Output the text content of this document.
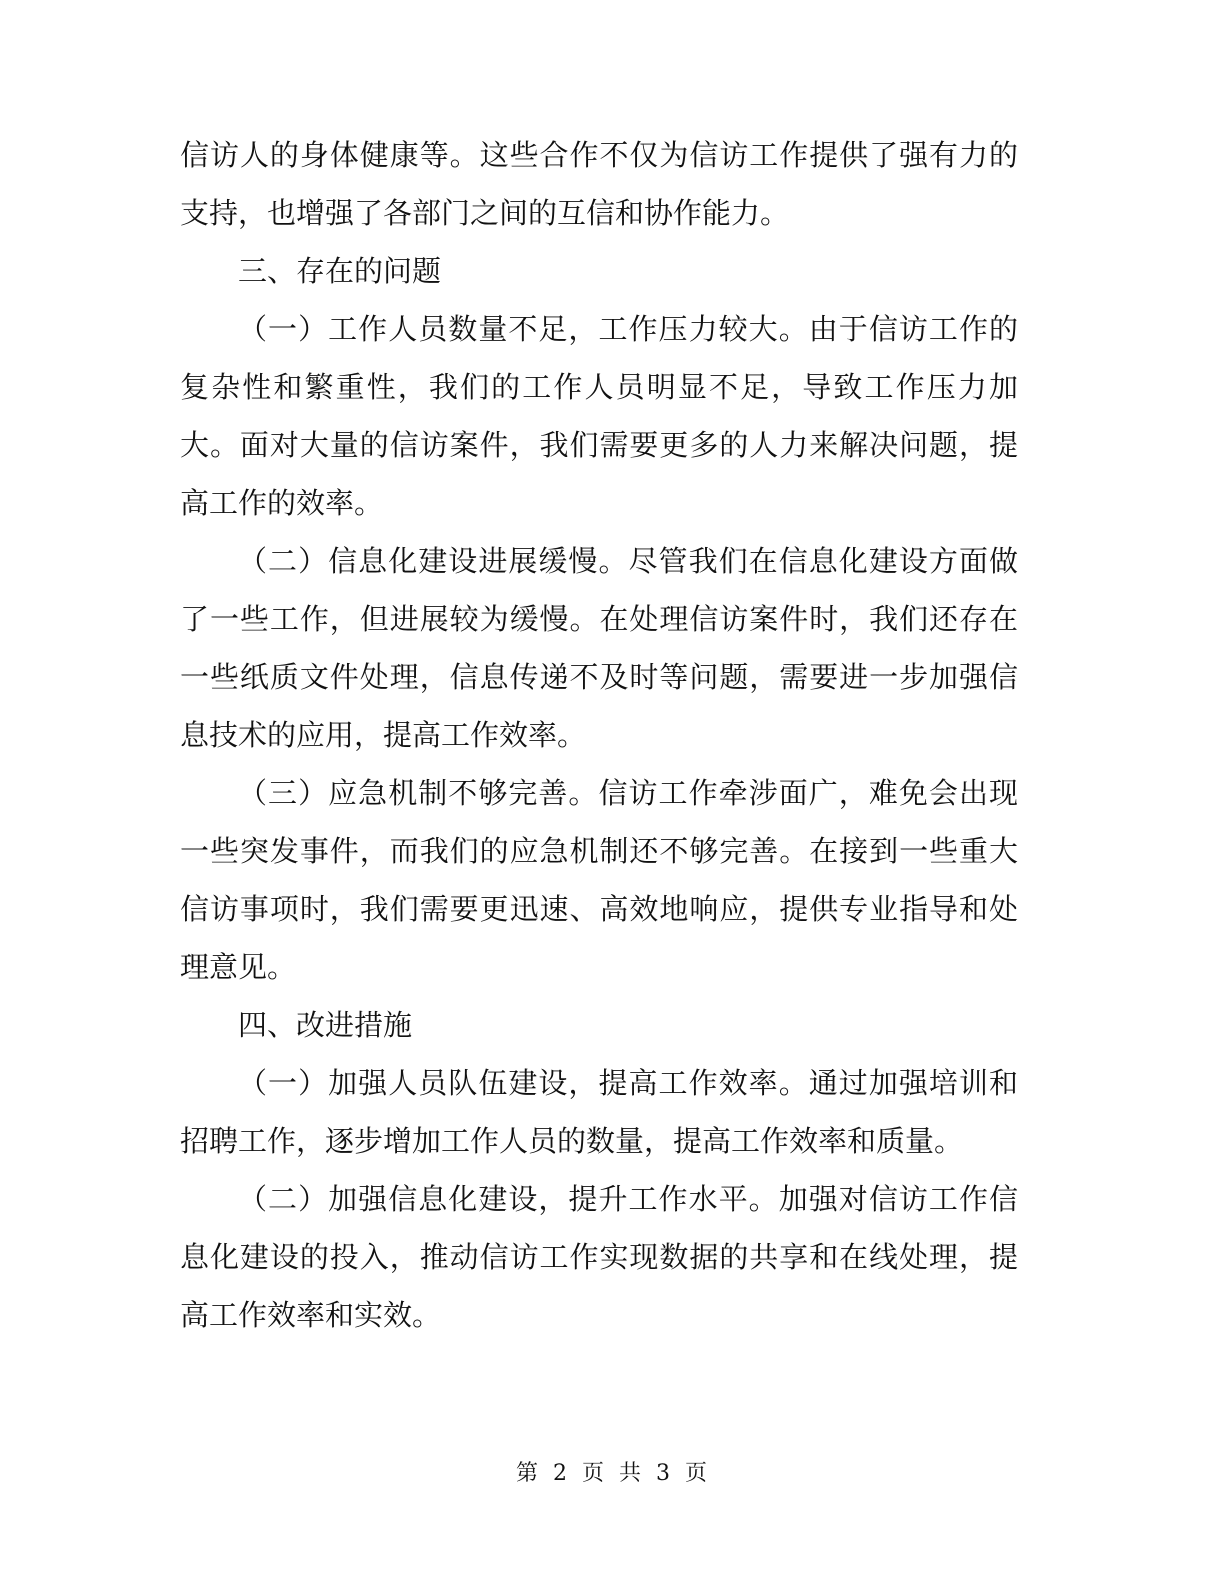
信访人的身体健康等。这些合作不仅为信访工作提供了强有力的支持，也增强了各部门之间的互信和协作能力。

三、存在的问题

（一）工作人员数量不足，工作压力较大。由于信访工作的复杂性和繁重性，我们的工作人员明显不足，导致工作压力加大。面对大量的信访案件，我们需要更多的人力来解决问题，提高工作的效率。

（二）信息化建设进展缓慢。尽管我们在信息化建设方面做了一些工作，但进展较为缓慢。在处理信访案件时，我们还存在一些纸质文件处理，信息传递不及时等问题，需要进一步加强信息技术的应用，提高工作效率。

（三）应急机制不够完善。信访工作牵涉面广，难免会出现一些突发事件，而我们的应急机制还不够完善。在接到一些重大信访事项时，我们需要更迅速、高效地响应，提供专业指导和处理意见。

四、改进措施

（一）加强人员队伍建设，提高工作效率。通过加强培训和招聘工作，逐步增加工作人员的数量，提高工作效率和质量。

（二）加强信息化建设，提升工作水平。加强对信访工作信息化建设的投入，推动信访工作实现数据的共享和在线处理，提高工作效率和实效。

第 2 页 共 3 页
